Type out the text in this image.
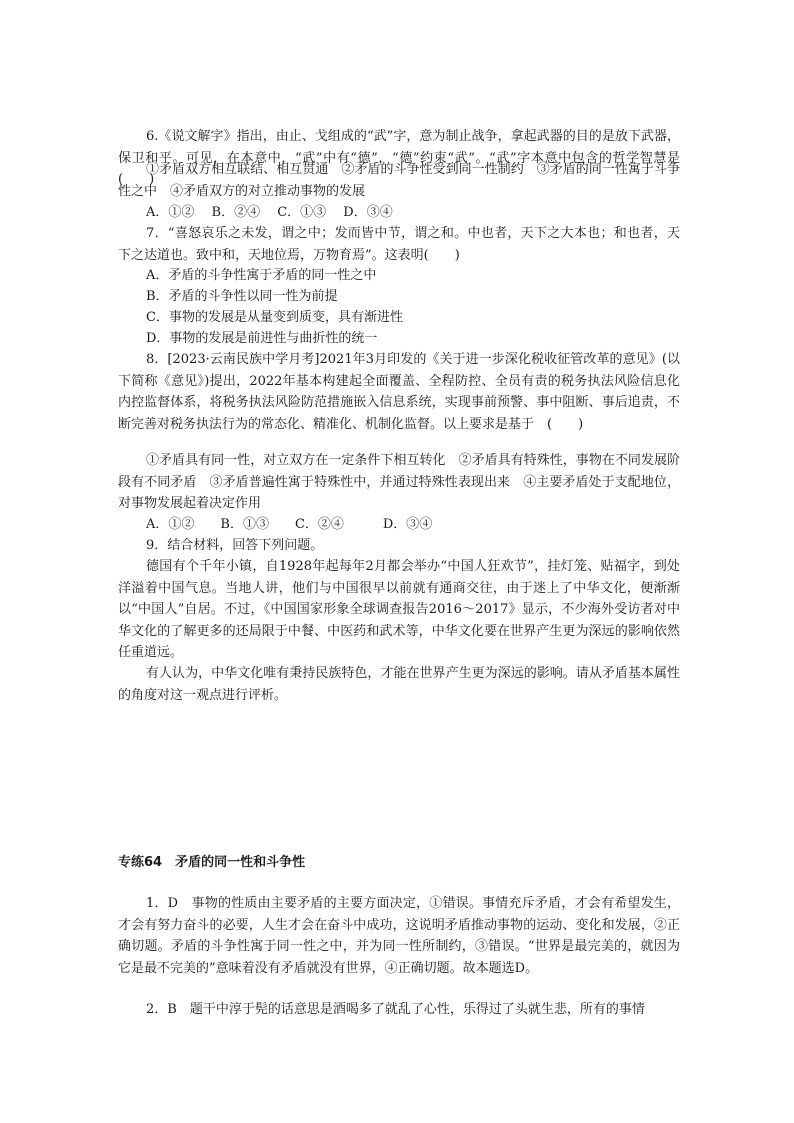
6.《说文解字》指出，由止、戈组成的“武”字，意为制止战争，拿起武器的目的是放下武器，保卫和平。可见，在本意中，“武”中有“德”，“德”约束“武”。“武”字本意中包含的哲学智慧是(　　)

①矛盾双方相互联结、相互贯通　②矛盾的斗争性受到同一性制约　③矛盾的同一性寓于斗争性之中　④矛盾双方的对立推动事物的发展

A．①②　 B．②④　 C．①③　 D．③④

7．“喜怒哀乐之未发，谓之中；发而皆中节，谓之和。中也者，天下之大本也；和也者，天下之达道也。致中和，天地位焉，万物育焉”。这表明(　　)

A．矛盾的斗争性寓于矛盾的同一性之中

B．矛盾的斗争性以同一性为前提

C．事物的发展是从量变到质变，具有渐进性

D．事物的发展是前进性与曲折性的统一

8．[2023·云南民族中学月考]2021年3月印发的《关于进一步深化税收征管改革的意见》(以下简称《意见》)提出，2022年基本构建起全面覆盖、全程防控、全员有责的税务执法风险信息化内控监督体系，将税务执法风险防范措施嵌入信息系统，实现事前预警、事中阻断、事后追责，不断完善对税务执法行为的常态化、精准化、机制化监督。以上要求是基于　(　　)

①矛盾具有同一性，对立双方在一定条件下相互转化　②矛盾具有特殊性，事物在不同发展阶段有不同矛盾　③矛盾普遍性寓于特殊性中，并通过特殊性表现出来　④主要矛盾处于支配地位，对事物发展起着决定作用

A．①②　　B．①③　　C．②④　　　D．③④

9．结合材料，回答下列问题。

德国有个千年小镇，自1928年起每年2月都会举办“中国人狂欢节”，挂灯笼、贴福字，到处洋溢着中国气息。当地人讲，他们与中国很早以前就有通商交往，由于迷上了中华文化，便渐渐以“中国人”自居。不过，《中国国家形象全球调查报告2016～2017》显示，不少海外受访者对中华文化的了解更多的还局限于中餐、中医药和武术等，中华文化要在世界产生更为深远的影响依然任重道远。

有人认为，中华文化唯有秉持民族特色，才能在世界产生更为深远的影响。请从矛盾基本属性的角度对这一观点进行评析。

专练64　矛盾的同一性和斗争性

1．D　事物的性质由主要矛盾的主要方面决定，①错误。事情充斥矛盾，才会有希望发生，才会有努力奋斗的必要，人生才会在奋斗中成功，这说明矛盾推动事物的运动、变化和发展，②正确切题。矛盾的斗争性寓于同一性之中，并为同一性所制约，③错误。“世界是最完美的，就因为它是最不完美的”意味着没有矛盾就没有世界，④正确切题。故本题选D。

2．B　题干中淳于髡的话意思是酒喝多了就乱了心性，乐得过了头就生悲，所有的事情
